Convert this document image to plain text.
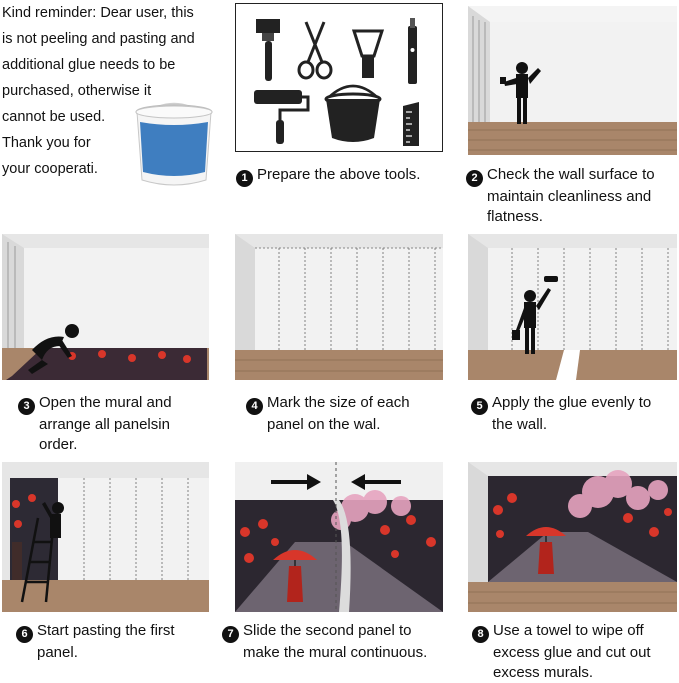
Kind reminder: Dear user, this
is not peeling and pasting and
additional glue needs to be
purchased, otherwise it
cannot be used.
Thank you for
your cooperati.
1 Prepare the above tools.	2 Check the wall surface to
maintain cleanliness and
flatness.
3 Open the mural and
arrange all panelsin
order.
4 Mark the size of each
panel on the wal.
5 Apply the glue evenly to
the wall.
6 Start pasting the first
panel.
7 Slide the second panel to
make the mural continuous.
8 Use a towel to wipe off
excess glue and cut out
excess murals.
